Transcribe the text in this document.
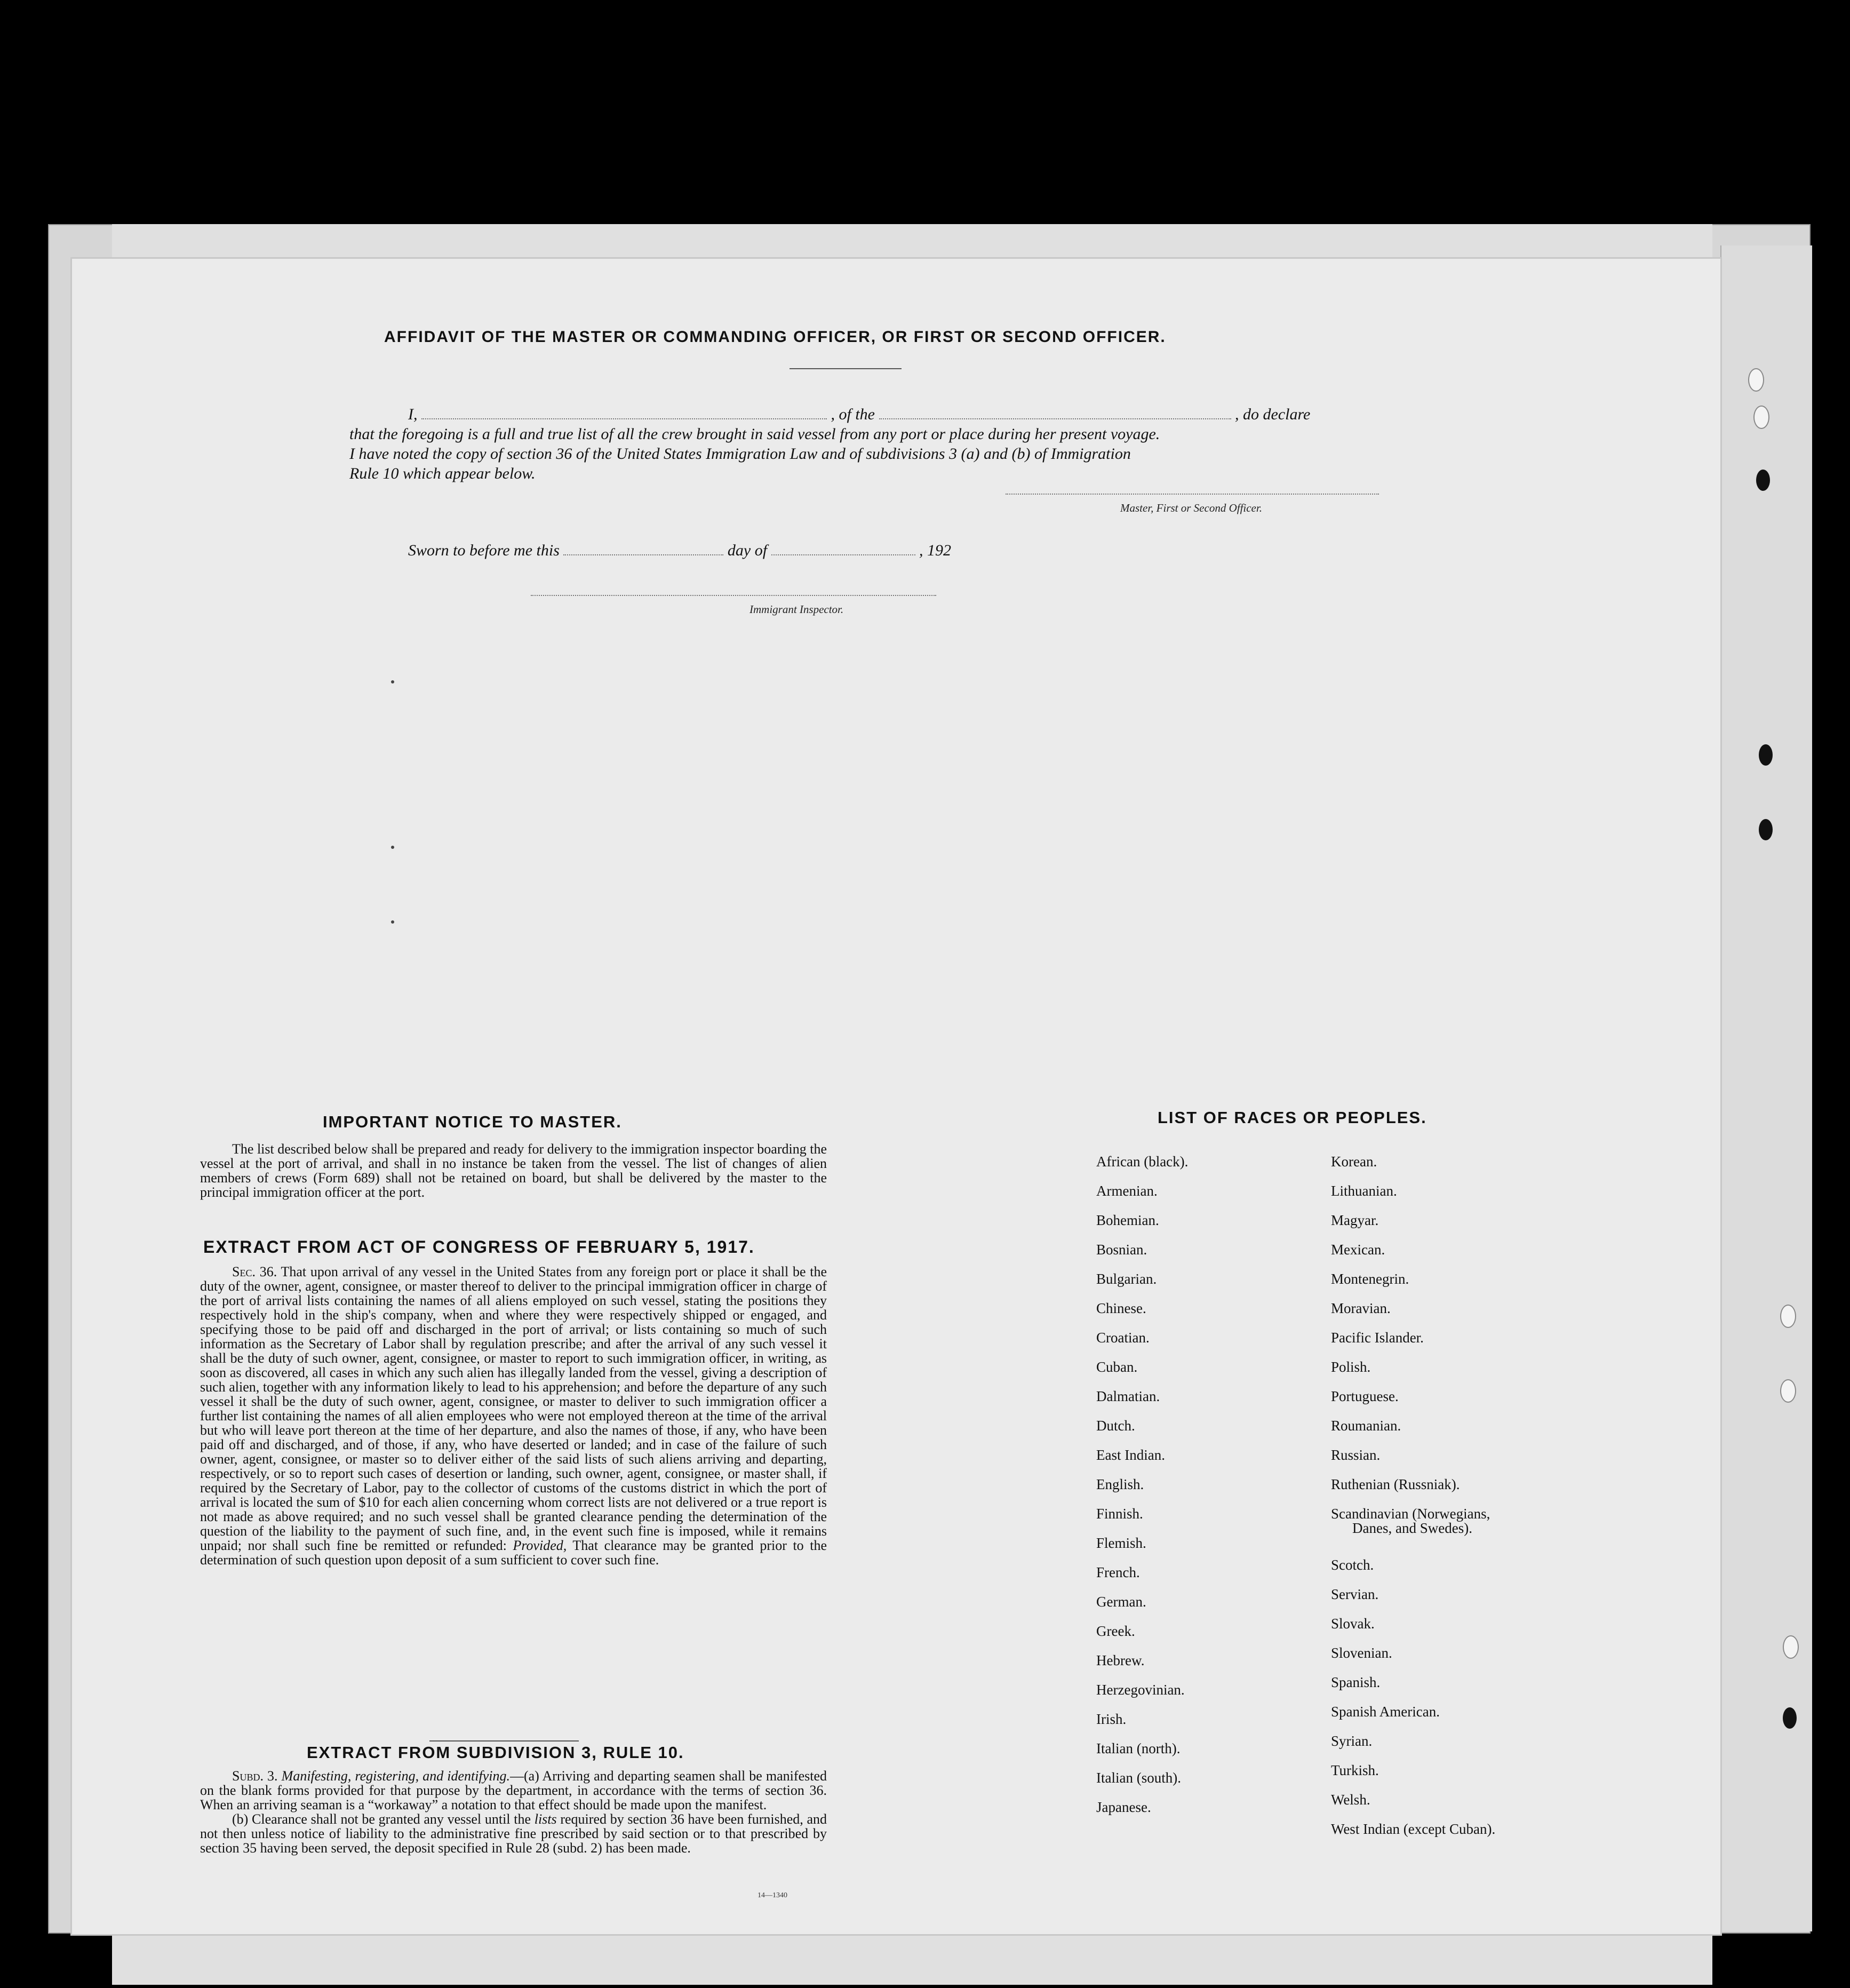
AFFIDAVIT OF THE MASTER OR COMMANDING OFFICER, OR FIRST OR SECOND OFFICER.
I,	, of the	, do declare
that the foregoing is a full and true list of all the crew brought in said vessel from any port or place during her present voyage.
I have noted the copy of section 36 of the United States Immigration Law and of subdivisions 3 (a) and (b) of Immigration
Rule 10 which appear below.
Master, First or Second Officer.
Sworn to before me this	day of	, 192
Immigrant Inspector.
IMPORTANT NOTICE TO MASTER.

The list described below shall be prepared and ready for delivery to the immigration inspector boarding the vessel at the port of arrival, and shall in no instance be taken from the vessel. The list of changes of alien members of crews (Form 689) shall not be retained on board, but shall be delivered by the master to the principal immigration officer at the port.

EXTRACT FROM ACT OF CONGRESS OF FEBRUARY 5, 1917.

Sec. 36. That upon arrival of any vessel in the United States from any foreign port or place it shall be the duty of the owner, agent, consignee, or master thereof to deliver to the principal immigration officer in charge of the port of arrival lists containing the names of all aliens employed on such vessel, stating the positions they respectively hold in the ship's company, when and where they were respectively shipped or engaged, and specifying those to be paid off and discharged in the port of arrival; or lists containing so much of such information as the Secretary of Labor shall by regulation prescribe; and after the arrival of any such vessel it shall be the duty of such owner, agent, consignee, or master to report to such immigration officer, in writing, as soon as discovered, all cases in which any such alien has illegally landed from the vessel, giving a description of such alien, together with any information likely to lead to his apprehension; and before the departure of any such vessel it shall be the duty of such owner, agent, consignee, or master to deliver to such immigration officer a further list containing the names of all alien employees who were not employed thereon at the time of the arrival but who will leave port thereon at the time of her departure, and also the names of those, if any, who have been paid off and discharged, and of those, if any, who have deserted or landed; and in case of the failure of such owner, agent, consignee, or master so to deliver either of the said lists of such aliens arriving and departing, respectively, or so to report such cases of desertion or landing, such owner, agent, consignee, or master shall, if required by the Secretary of Labor, pay to the collector of customs of the customs district in which the port of arrival is located the sum of $10 for each alien concerning whom correct lists are not delivered or a true report is not made as above required; and no such vessel shall be granted clearance pending the determination of the question of the liability to the payment of such fine, and, in the event such fine is imposed, while it remains unpaid; nor shall such fine be remitted or refunded: Provided, That clearance may be granted prior to the determination of such question upon deposit of a sum sufficient to cover such fine.

EXTRACT FROM SUBDIVISION 3, RULE 10.

Subd. 3. Manifesting, registering, and identifying.—(a) Arriving and departing seamen shall be manifested on the blank forms provided for that purpose by the department, in accordance with the terms of section 36. When an arriving seaman is a “workaway” a notation to that effect should be made upon the manifest.

(b) Clearance shall not be granted any vessel until the lists required by section 36 have been furnished, and not then unless notice of liability to the administrative fine prescribed by said section or to that prescribed by section 35 having been served, the deposit specified in Rule 28 (subd. 2) has been made.

14—1340
LIST OF RACES OR PEOPLES.
African (black).
Armenian.
Bohemian.
Bosnian.
Bulgarian.
Chinese.
Croatian.
Cuban.
Dalmatian.
Dutch.
East Indian.
English.
Finnish.
Flemish.
French.
German.
Greek.
Hebrew.
Herzegovinian.
Irish.
Italian (north).
Italian (south).
Japanese.
Korean.
Lithuanian.
Magyar.
Mexican.
Montenegrin.
Moravian.
Pacific Islander.
Polish.
Portuguese.
Roumanian.
Russian.
Ruthenian (Russniak).
Scandinavian (Norwegians,
Danes, and Swedes).
Scotch.
Servian.
Slovak.
Slovenian.
Spanish.
Spanish American.
Syrian.
Turkish.
Welsh.
West Indian (except Cuban).
